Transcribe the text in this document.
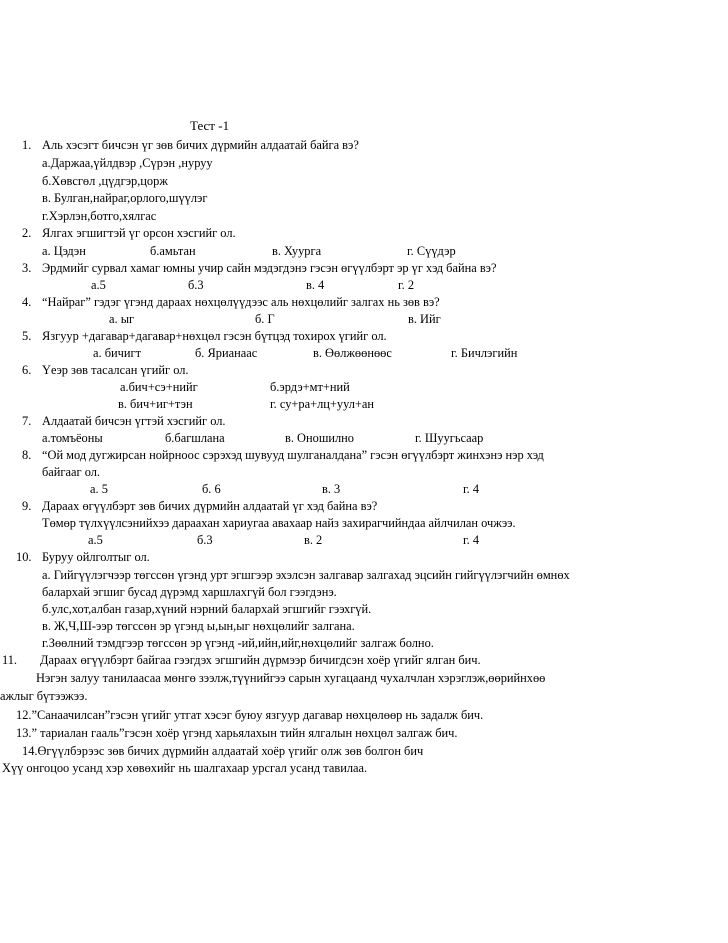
Тест -1
1. Аль хэсэгт бичсэн үг зөв бичих дүрмийн алдаатай байга вэ?
а.Даржаа,үйлдвэр ,Сүрэн ,нуруу
б.Хөвсгөл ,цүдгэр,цорж
в. Булган,найраг,орлого,шүүлэг
г.Хэрлэн,ботго,хялгас
2. Ялгах эгшигтэй үг орсон хэсгийг ол.
а. Цэдэн	б.амьтан	в. Хуурга	г. Сүүдэр
3. Эрдмийг сурвал хамаг юмны учир сайн мэдэгдэнэ гэсэн өгүүлбэрт эр үг хэд байна вэ?
а.5	б.3	в. 4	г. 2
4. “Найраг” гэдэг үгэнд дараах нөхцөлүүдээс аль нөхцөлийг залгах нь зөв вэ?
а. ыг	б. Г	в. Ийг
5. Язгуур +дагавар+дагавар+нөхцөл гэсэн бүтцэд тохирох үгийг ол.
а. бичигт	б. Ярианаас	в. Өөлжөөнөөс	г. Бичлэгийн
6. Үеэр зөв тасалсан үгийг ол.
а.бич+сэ+нийг	б.эрдэ+мт+ний
в. бич+иг+тэн	г. су+ра+лц+уул+ан
7. Алдаатай бичсэн үгтэй хэсгийг ол.
а.томъёоны	б.багшлана	в. Оношилно	г. Шуугьсаар
8. “Ой мод дугжирсан нойрноос сэрэхэд шувууд шулганалдана” гэсэн өгүүлбэрт жинхэнэ нэр хэд
байгааг ол.
а. 5	б. 6	в. 3	г. 4
9. Дараах өгүүлбэрт зөв бичих дүрмийн алдаатай үг хэд байна вэ?
Төмөр түлхүүлсэнийхээ дараахан хариугаа авахаар найз захирагчийндаа айлчилан очжээ.
а.5	б.3	в. 2	г. 4
10. Буруу ойлголтыг ол.
а. Гийгүүлэгчээр төгссөн үгэнд урт эгшгээр эхэлсэн залгавар залгахад эцсийн гийгүүлэгчийн өмнөх
балархай эгшиг бусад дүрэмд харшлахгүй бол гээгдэнэ.
б.улс,хот,албан газар,хүний нэрний балархай эгшгийг гээхгүй.
в. Ж,Ч,Ш-ээр төгссөн эр үгэнд ы,ын,ыг нөхцөлийг залгана.
г.Зөөлний тэмдгээр төгссөн эр үгэнд -ий,ийн,ийг,нөхцөлийг залгаж болно.
11. Дараах өгүүлбэрт байгаа гээгдэх эгшгийн дүрмээр бичигдсэн хоёр үгийг ялган бич.
Нэгэн залуу танилаасаа мөнгө зээлж,түүнийгээ сарын хугацаанд чухалчлан хэрэглэж,өөрийнхөө
ажлыг бүтээжээ.
12.”Санаачилсан”гэсэн үгийг утгат хэсэг буюу язгуур дагавар нөхцөлөөр нь задалж бич.
13.” тариалан гааль”гэсэн хоёр үгэнд харьялахын тийн ялгалын нөхцөл залгаж бич.
14.Өгүүлбэрээс зөв бичих дүрмийн алдаатай хоёр үгийг олж зөв болгон бич
Хүү онгоцоо усанд хэр хөвөхийг нь шалгахаар урсгал усанд тавилаа.
